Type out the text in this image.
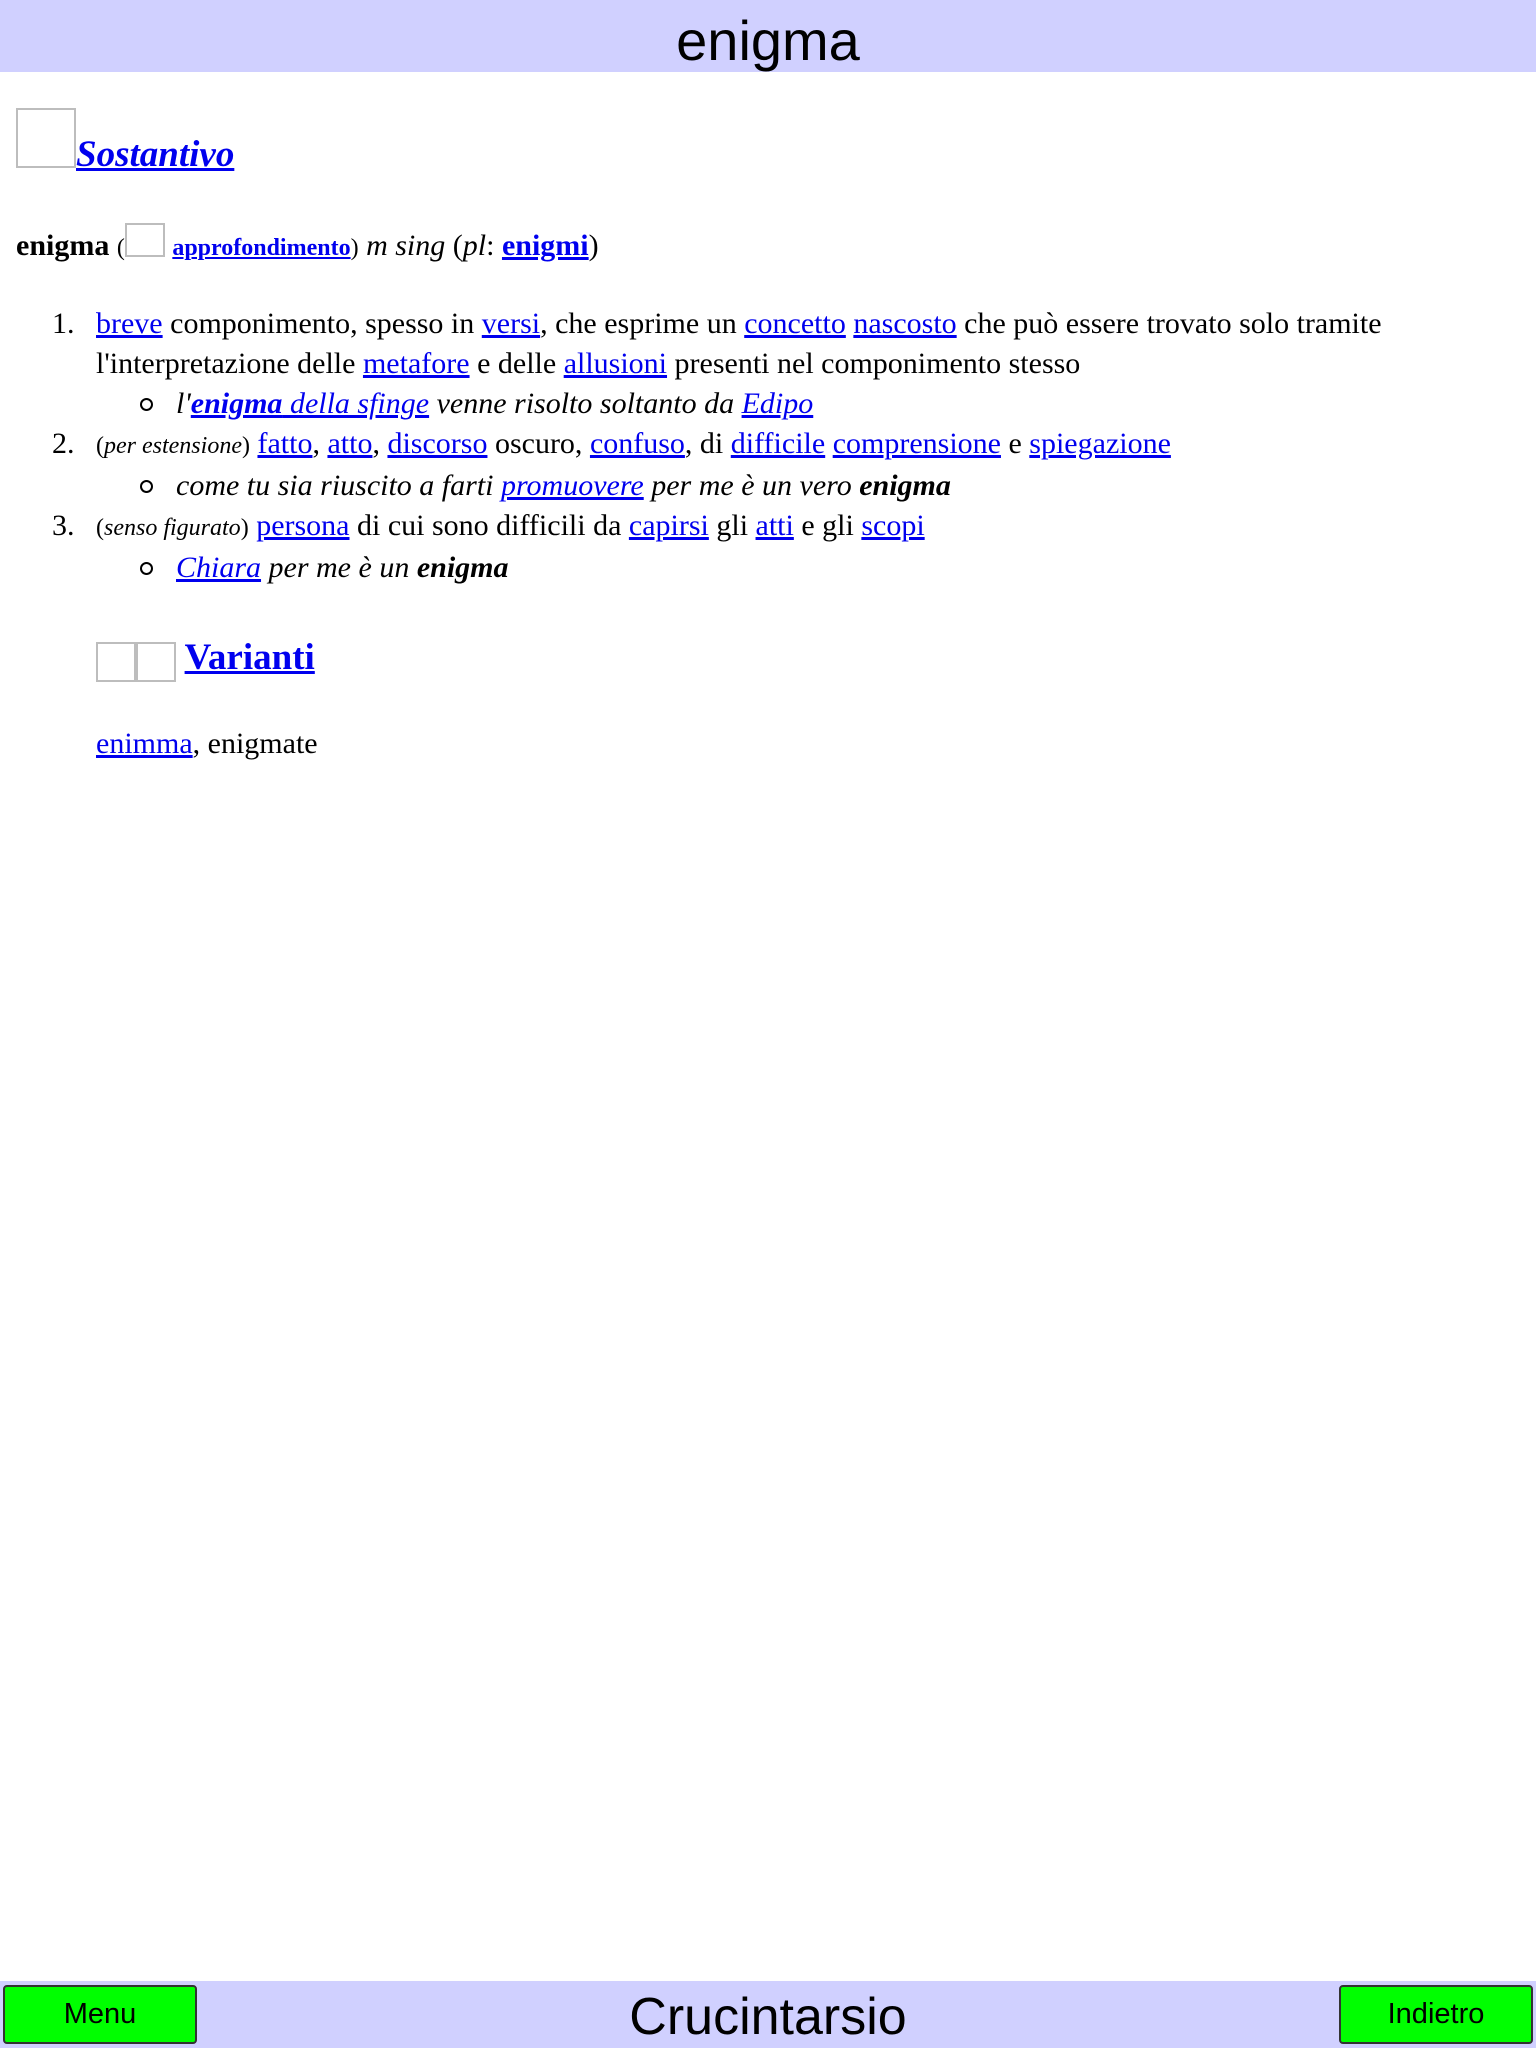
enigma
Sostantivo
enigma ( approfondimento) m sing (pl: enigmi)
1. breve componimento, spesso in versi, che esprime un concetto nascosto che può essere trovato solo tramite l'interpretazione delle metafore e delle allusioni presenti nel componimento stesso
l'enigma della sfinge venne risolto soltanto da Edipo
2. (per estensione) fatto, atto, discorso oscuro, confuso, di difficile comprensione e spiegazione
come tu sia riuscito a farti promuovere per me è un vero enigma
3. (senso figurato) persona di cui sono difficili da capirsi gli atti e gli scopi
Chiara per me è un enigma
Varianti
enimma, enigmate
Crucintarsio
Menu	Indietro
